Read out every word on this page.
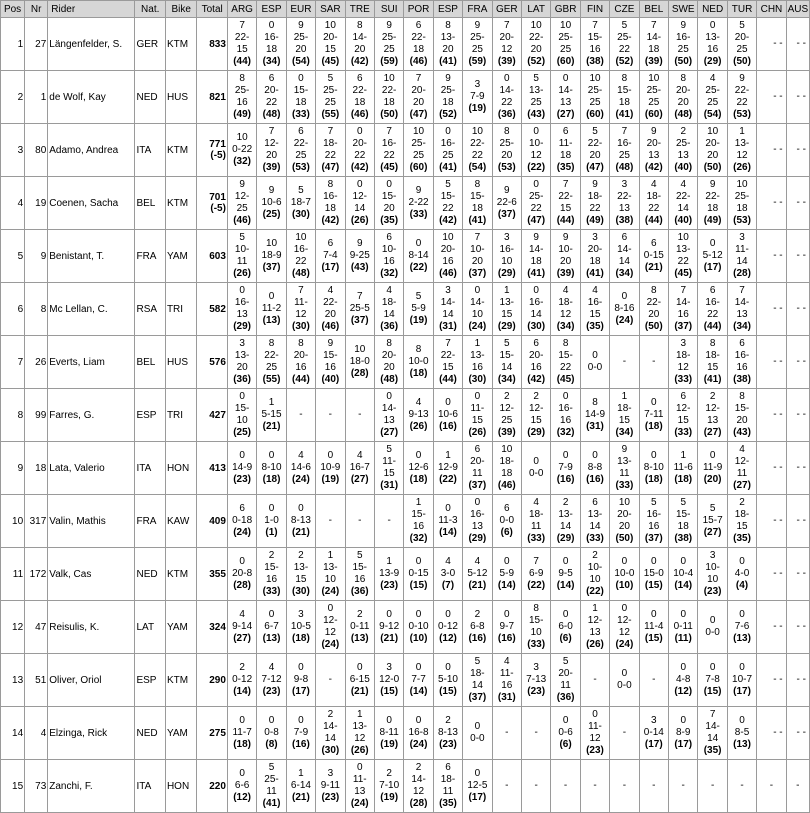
Pos	Nr	Rider	Nat.	Bike	Total	ARG	ESP	EUR	SAR	TRE	SUI	POR	ESP	FRA	GER	LAT	GBR	FIN	CZE	BEL	SWE	NED	TUR	CHN	AUS
1	27	Längenfelder, S.	GER	KTM	833	7
22-
15
(44)	0
16-
18
(34)	9
25-
20
(54)	10
20-
15
(45)	8
14-
20
(42)	9
25-
25
(59)	6
22-
18
(46)	8
13-
20
(41)	9
25-
25
(59)	7
20-
12
(39)	10
22-
20
(52)	10
25-
25
(60)	7
15-
16
(38)	5
25-
22
(52)	7
14-
18
(39)	9
16-
25
(50)	0
13-
16
(29)	5
20-
25
(50)	- -	- -

2	1	de Wolf, Kay	NED	HUS	821	8
25-
16
(49)	6
20-
22
(48)	0
15-
18
(33)	5
25-
25
(55)	6
22-
18
(46)	10
22-
18
(50)	7
20-
20
(47)	9
25-
18
(52)	3
7-9
(19)	0
14-
22
(36)	5
13-
25
(43)	0
14-
13
(27)	10
25-
25
(60)	8
15-
18
(41)	10
25-
25
(60)	8
20-
20
(48)	4
25-
25
(54)	9
22-
22
(53)	- -	- -

3	80	Adamo, Andrea	ITA	KTM	771
(-5)	10
0-22
(32)	7
12-
20
(39)	6
22-
25
(53)	7
18-
22
(47)	0
20-
22
(42)	7
16-
22
(45)	10
25-
25
(60)	0
16-
25
(41)	10
22-
22
(54)	8
25-
20
(53)	0
10-
12
(22)	6
11-
18
(35)	5
22-
20
(47)	7
16-
25
(48)	9
20-
13
(42)	2
25-
13
(40)	10
20-
20
(50)	1
13-
12
(26)	- -	- -

4	19	Coenen, Sacha	BEL	KTM	701
(-5)	9
12-
25
(46)	9
10-6
(25)	5
18-7
(30)	8
16-
18
(42)	0
12-
14
(26)	0
15-
20
(35)	9
2-22
(33)	5
15-
22
(42)	8
15-
18
(41)	9
22-6
(37)	0
25-
22
(47)	7
22-
15
(44)	9
18-
22
(49)	3
22-
13
(38)	4
18-
22
(44)	4
22-
14
(40)	9
22-
18
(49)	10
25-
18
(53)	- -	- -

5	9	Benistant, T.	FRA	YAM	603	5
10-
11
(26)	10
18-9
(37)	10
16-
22
(48)	6
7-4
(17)	9
9-25
(43)	6
10-
16
(32)	0
8-14
(22)	10
20-
16
(46)	7
10-
20
(37)	3
16-
10
(29)	9
14-
18
(41)	9
10-
20
(39)	3
20-
18
(41)	6
14-
14
(34)	6
0-15
(21)	10
13-
22
(45)	0
5-12
(17)	3
11-
14
(28)	- -	- -

6	8	Mc Lellan, C.	RSA	TRI	582	0
16-
13
(29)	0
11-2
(13)	7
11-
12
(30)	4
22-
20
(46)	7
25-5
(37)	4
18-
14
(36)	5
5-9
(19)	3
14-
14
(31)	0
14-
10
(24)	1
13-
15
(29)	0
16-
14
(30)	4
18-
12
(34)	4
16-
15
(35)	0
8-16
(24)	8
22-
20
(50)	7
14-
16
(37)	6
16-
22
(44)	7
14-
13
(34)	- -	- -

7	26	Everts, Liam	BEL	HUS	576	3
13-
20
(36)	8
22-
25
(55)	8
20-
16
(44)	9
15-
16
(40)	10
18-0
(28)	8
20-
20
(48)	8
10-0
(18)	7
22-
15
(44)	1
13-
16
(30)	5
15-
14
(34)	6
20-
16
(42)	8
15-
22
(45)	0
0-0	-	-	3
18-
12
(33)	8
18-
15
(41)	6
16-
16
(38)	- -	- -

8	99	Farres, G.	ESP	TRI	427	0
15-
10
(25)	1
5-15
(21)	-	-	-	0
14-
13
(27)	4
9-13
(26)	0
10-6
(16)	0
11-
15
(26)	2
12-
25
(39)	2
12-
15
(29)	0
16-
16
(32)	8
14-9
(31)	1
18-
15
(34)	0
7-11
(18)	6
12-
15
(33)	2
12-
13
(27)	8
15-
20
(43)	- -	- -

9	18	Lata, Valerio	ITA	HON	413	0
14-9
(23)	0
8-10
(18)	4
14-6
(24)	0
10-9
(19)	4
16-7
(27)	5
11-
15
(31)	0
12-6
(18)	1
12-9
(22)	6
20-
11
(37)	10
18-
18
(46)	0
0-0	0
7-9
(16)	0
8-8
(16)	9
13-
11
(33)	0
8-10
(18)	1
11-6
(18)	0
11-9
(20)	4
12-
11
(27)	- -	- -

10	317	Valin, Mathis	FRA	KAW	409	6
0-18
(24)	0
1-0
(1)	0
8-13
(21)	-	-	-	1
15-
16
(32)	0
11-3
(14)	0
16-
13
(29)	6
0-0
(6)	4
18-
11
(33)	2
13-
14
(29)	6
13-
14
(33)	10
20-
20
(50)	5
16-
16
(37)	5
15-
18
(38)	5
15-7
(27)	2
18-
15
(35)	- -	- -

11	172	Valk, Cas	NED	KTM	355	0
20-8
(28)	2
15-
16
(33)	2
13-
15
(30)	1
13-
10
(24)	5
15-
16
(36)	1
13-9
(23)	0
0-15
(15)	4
3-0
(7)	4
5-12
(21)	0
5-9
(14)	7
6-9
(22)	0
9-5
(14)	2
10-
10
(22)	0
10-0
(10)	0
15-0
(15)	0
10-4
(14)	3
10-
10
(23)	0
4-0
(4)	- -	- -

12	47	Reisulis, K.	LAT	YAM	324	4
9-14
(27)	0
6-7
(13)	3
10-5
(18)	0
12-
12
(24)	2
0-11
(13)	0
9-12
(21)	0
0-10
(10)	0
0-12
(12)	2
6-8
(16)	0
9-7
(16)	8
15-
10
(33)	0
6-0
(6)	1
12-
13
(26)	0
12-
12
(24)	0
11-4
(15)	0
0-11
(11)	0
0-0	0
7-6
(13)	- -	- -

13	51	Oliver, Oriol	ESP	KTM	290	2
0-12
(14)	4
7-12
(23)	0
9-8
(17)	-	0
6-15
(21)	3
12-0
(15)	0
7-7
(14)	0
5-10
(15)	5
18-
14
(37)	4
11-
16
(31)	3
7-13
(23)	5
20-
11
(36)	-	0
0-0	-	0
4-8
(12)	0
7-8
(15)	0
10-7
(17)	- -	- -

14	4	Elzinga, Rick	NED	YAM	275	0
11-7
(18)	0
0-8
(8)	0
7-9
(16)	2
14-
14
(30)	1
13-
12
(26)	0
8-11
(19)	0
16-8
(24)	2
8-13
(23)	0
0-0	-	-	0
0-6
(6)	0
11-
12
(23)	-	3
0-14
(17)	0
8-9
(17)	7
14-
14
(35)	0
8-5
(13)	- -	- -

15	73	Zanchi, F.	ITA	HON	220	0
6-6
(12)	5
25-
11
(41)	1
6-14
(21)	3
9-11
(23)	0
11-
13
(24)	2
7-10
(19)	2
14-
12
(28)	6
18-
11
(35)	0
12-5
(17)	-	-	-	-	-	-	-	-	-	-	-
